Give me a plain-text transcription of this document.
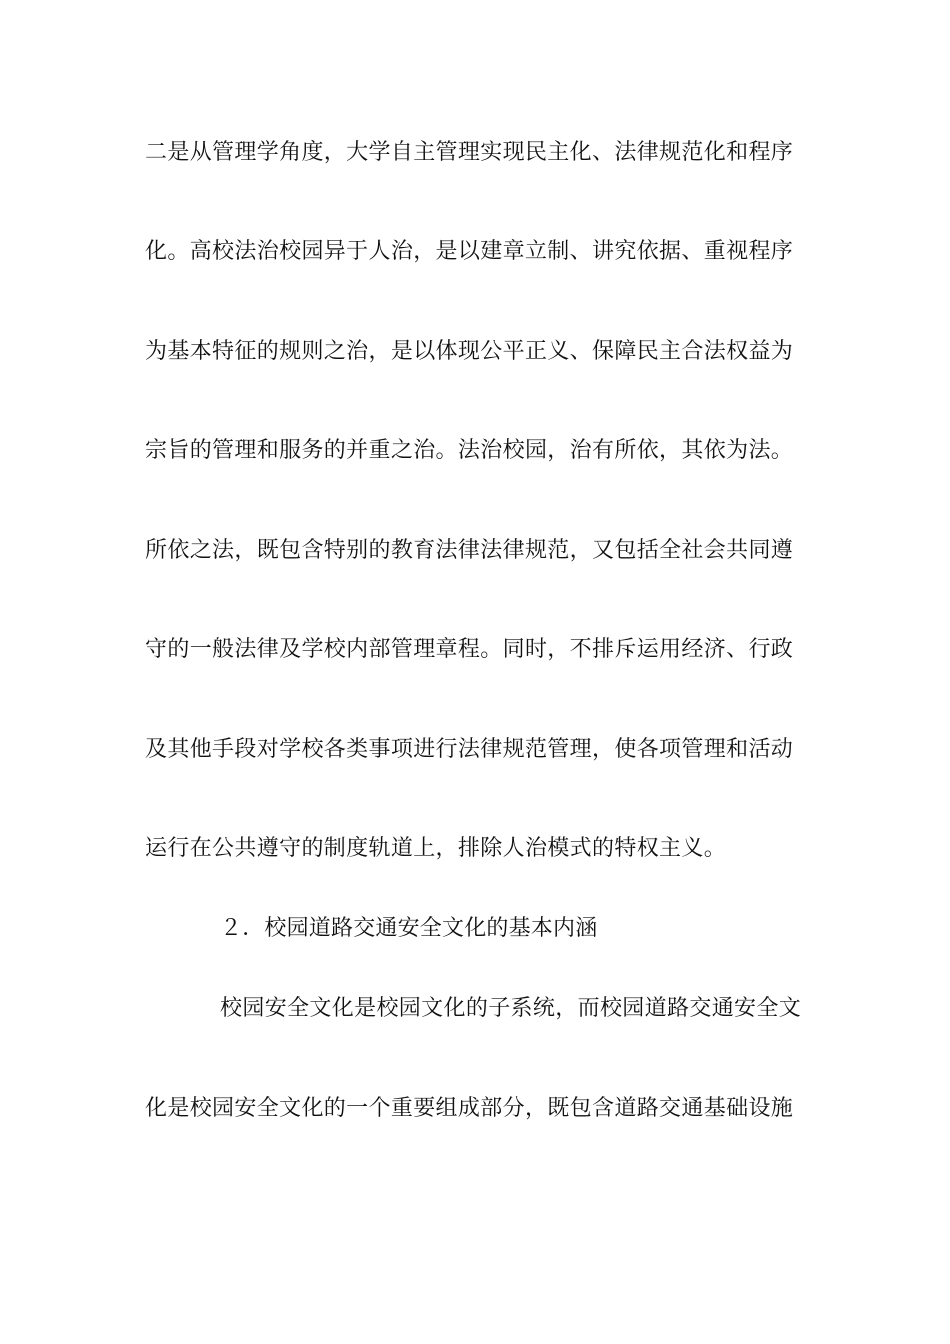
二是从管理学角度，大学自主管理实现民主化、法律规范化和程序
化。高校法治校园异于人治，是以建章立制、讲究依据、重视程序
为基本特征的规则之治，是以体现公平正义、保障民主合法权益为
宗旨的管理和服务的并重之治。法治校园，治有所依，其依为法。
所依之法，既包含特别的教育法律法律规范，又包括全社会共同遵
守的一般法律及学校内部管理章程。同时，不排斥运用经济、行政
及其他手段对学校各类事项进行法律规范管理，使各项管理和活动
运行在公共遵守的制度轨道上，排除人治模式的特权主义。
２．校园道路交通安全文化的基本内涵
校园安全文化是校园文化的子系统，而校园道路交通安全文
化是校园安全文化的一个重要组成部分，既包含道路交通基础设施
